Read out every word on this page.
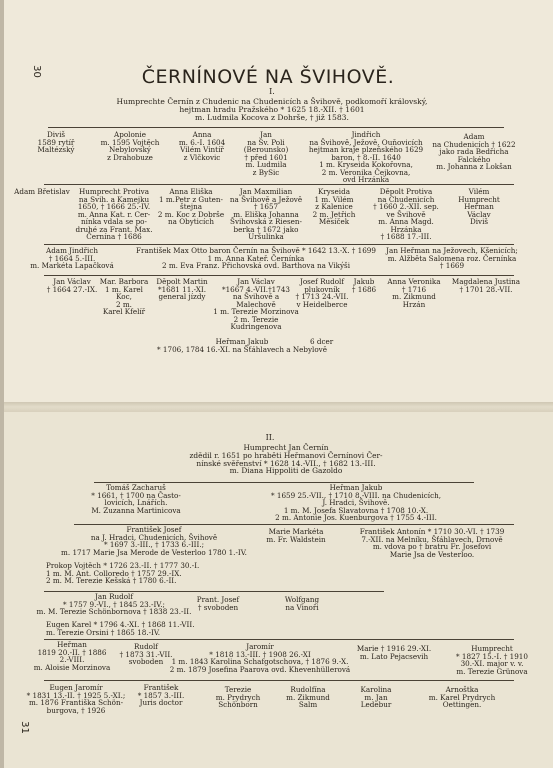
30
31
ČERNÍNOVÉ NA ŠVIHOVĚ.
I.
Humprechte Černín z Chudenic na Chudenicích a Švihově, podkomoří královský,
hejtman hradu Pražského * 1625 18.-XII. † 1601
m. Ludmila Kocova z Dohrše, † již 1583.
Diviš
1589 rytíř
Maltézský
Apolonie
m. 1595 Vojtěch
Nebylovský
z Drahobuze
Anna
m. 6.-I. 1604
Vilém Vintíř
z Vlčkovic
Jan
na Sv. Poli
(Berounsko)
† před 1601
m. Ludmila
z BySic
Jindřich
na Švihově, Ježově, Ouňovicích
hejtman kraje plzeňského 1629
baron, † 8.-II. 1640
1 m. Kryseida Kokořovna,
2 m. Veronika Čejkovna,
ovd Hrzánka
Adam
na Chudenicích † 1622
jako rada Bedřicha
Falckého
m. Johanna z Lokšan
Adam Břetislav	Humprecht Protiva
na Svih. a Kamejku
1650, † 1666 25.-IV.
m. Anna Kat. r. Cer-
nínka vdala se po-
druhé za Frant. Max.
Černína † 1686
Anna Eliška
1 m.Petr z Guten-
štejna
2 m. Koc z Dobrše
na Obyticích
Jan Maxmilian
na Švihově a Ježově
† 1657
m. Eliška Johanna
Švihovská z Riesen-
berka † 1672 jako
Uršulinka
Kryseida
1 m. Vilém
z Kalenice
2 m. Jetřich
Měsíček
Děpolt Protiva
na Chudenicích
† 1660 2.-XII. sep.
ve Švihově
m. Anna Magd.
Hrzánka
† 1688 17.-III.
Vilém
Humprecht
Heřman
Václav
Diviš
Adam Jindřich
† 1664 5.-III.
m. Markéta Lapačková
František Max Otto baron Černín na Švihově * 1642 13.-X. † 1699
1 m. Anna Kateř. Černínka
2 m. Eva Franz. Přichovská ovd. Barthova na Vikýši
Jan Heřman na Ježovech, Kšenicích;
m. Alžběta Salomena roz. Černínka
† 1669
Jan Václav
† 1664 27.-IX.
Mar. Barbora
1 m. Karel
Koc,
2 m.
Karel Kfelíř
Děpolt Martin
*1681 11.-XI.
general jízdy
Jan Václav
*1667 4.-VII.†1743
na Švihově a
Malechově
1 m. Terezie Morzinova
2 m. Terezie
Kudringenova
Josef Rudolf
plukovník
† 1713 24.-VII.
v Heidelberce
Jakub
† 1686
Anna Veronika
† 1716
m. Zikmund
Hrzán
Magdalena Justina
† 1701 28.-VII.
Heřman Jakub
* 1706, 1784 16.-XI. na Šťáhlavech a Nebylově
6 dcer
II.
Humprecht Jan Černín
zdědil r. 1651 po hraběti Heřmanovi Černínovi Čer-
nínské svěřenství * 1628 14.-VII., † 1682 13.-III.
m. Diana Hippoliti de Gazoldo
Tomáš Zacharuš
* 1661, † 1700 na Často-
lovicích, Lnářích.
M. Zuzanna Martinicova
Heřman Jakub
* 1659 25.-VII., † 1710 8.-VIII. na Chudenicích,
J. Hradci, Švihově.
1 m. M. Josefa Slavatovna † 1708 10.-X.
2 m. Antonie Jos. Kuenburgova † 1755 4.-III.
František Josef
na J. Hradci, Chudenicích, Švihově
* 1697 3.-III., † 1733 6.-III.;
m. 1717 Marie Jsa Merode de Vesterloo 1780 1.-IV.
Marie Markéta
m. Fr. Waldstein
František Antonín * 1710 30.-VI. † 1739
7.-XII. na Melníku, Šťáhlavech, Drnově
m. vdova po † bratru Fr. Josefovi
Marie Jsa de Vesterloo.
Prokop Vojtěch * 1726 23.-II. † 1777 30.-I.
1 m. M. Ant. Colloredo † 1757 29.-IX.
2 m. M. Terezie Kešská † 1780 6.-II.
Jan Rudolf
* 1757 9.-VI., † 1845 23.-IV.;
m. M. Terezie Schönbornova † 1838 23.-II.
Prant. Josef
† svoboden
Wolfgang
na Vinoři
Eugen Karel * 1796 4.-XI. † 1868 11.-VII.
m. Terezie Orsini † 1865 18.-IV.
Heřman
1819 20.-II. † 1886
2.-VIII.
m. Aloisie Morzinova
Rudolf
† 1873 31.-VII.
svoboden
Jaromír
* 1818 13.-III. † 1908 26.-XI
1 m. 1843 Karolina Schafgotschova, † 1876 9.-X.
2 m. 1879 Josefina Paarova ovd. Khevenhüllerová
Marie † 1916 29.-XI.
m. Lato Pejacsevih
Humprecht
* 1827 15.-I. † 1910
30.-XI. major v. v.
m. Terezie Grünova
Eugen Jaromír
* 1831 13.-II. † 1925 5.-XI.;
m. 1876 Františka Schön-
burgova, † 1926
František
* 1857 3.-III.
Juris doctor
Terezie
m. Prydrych
Schönborn
Rudolfína
m. Zikmund
Salm
Karolina
m. Jan
Ledebur
Arnoštka
m. Karel Prydrych
Oettingen.
